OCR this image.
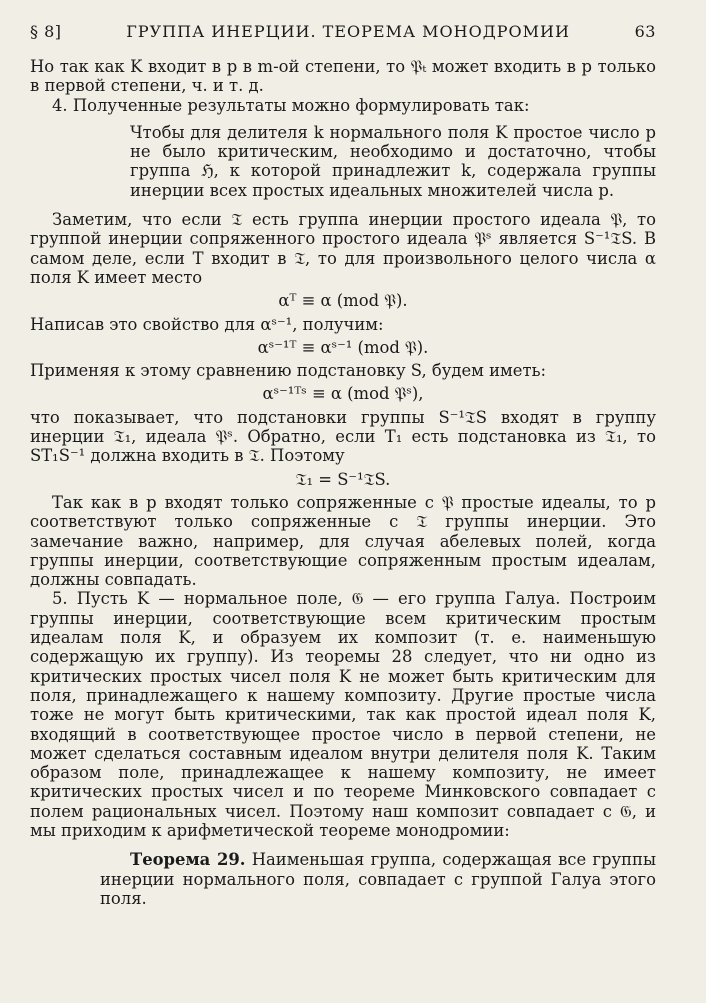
§ 8]	ГРУППА ИНЕРЦИИ. ТЕОРЕМА МОНОДРОМИИ	63

Но так как K входит в p в m-ой степени, то 𝔓ₜ может входить в p только в первой степени, ч. и т. д.

4. Полученные результаты можно формулировать так:

Чтобы для делителя k нормального поля K простое число p не было критическим, необходимо и достаточно, чтобы группа ℌ, к которой принадлежит k, содержала группы инерции всех простых идеальных множителей числа p.

Заметим, что если 𝔗 есть группа инерции простого идеала 𝔓, то группой инерции сопряженного простого идеала 𝔓ˢ является S⁻¹𝔗S. В самом деле, если T входит в 𝔗, то для произвольного целого числа α поля K имеет место

αᵀ ≡ α (mod 𝔓).

Написав это свойство для αˢ⁻¹, получим:

αˢ⁻¹ᵀ ≡ αˢ⁻¹ (mod 𝔓).

Применяя к этому сравнению подстановку S, будем иметь:

αˢ⁻¹ᵀˢ ≡ α (mod 𝔓ˢ),

что показывает, что подстановки группы S⁻¹𝔗S входят в группу инерции 𝔗₁, идеала 𝔓ˢ. Обратно, если T₁ есть подстановка из 𝔗₁, то ST₁S⁻¹ должна входить в 𝔗. Поэтому

𝔗₁ = S⁻¹𝔗S.

Так как в p входят только сопряженные с 𝔓 простые идеалы, то p соответствуют только сопряженные с 𝔗 группы инерции. Это замечание важно, например, для случая абелевых полей, когда группы инерции, соответствующие сопряженным простым идеалам, должны совпадать.

5. Пусть K — нормальное поле, 𝔊 — его группа Галуа. Построим группы инерции, соответствующие всем критическим простым идеалам поля K, и образуем их композит (т. е. наименьшую содержащую их группу). Из теоремы 28 следует, что ни одно из критических простых чисел поля K не может быть критическим для поля, принадлежащего к нашему композиту. Другие простые числа тоже не могут быть критическими, так как простой идеал поля K, входящий в соответствующее простое число в первой степени, не может сделаться составным идеалом внутри делителя поля K. Таким образом поле, принадлежащее к нашему композиту, не имеет критических простых чисел и по теореме Минковского совпадает с полем рациональных чисел. Поэтому наш композит совпадает с 𝔊, и мы приходим к арифметической теореме монодромии:

Теорема 29. Наименьшая группа, содержащая все группы инерции нормального поля, совпадает с группой Галуа этого поля.
